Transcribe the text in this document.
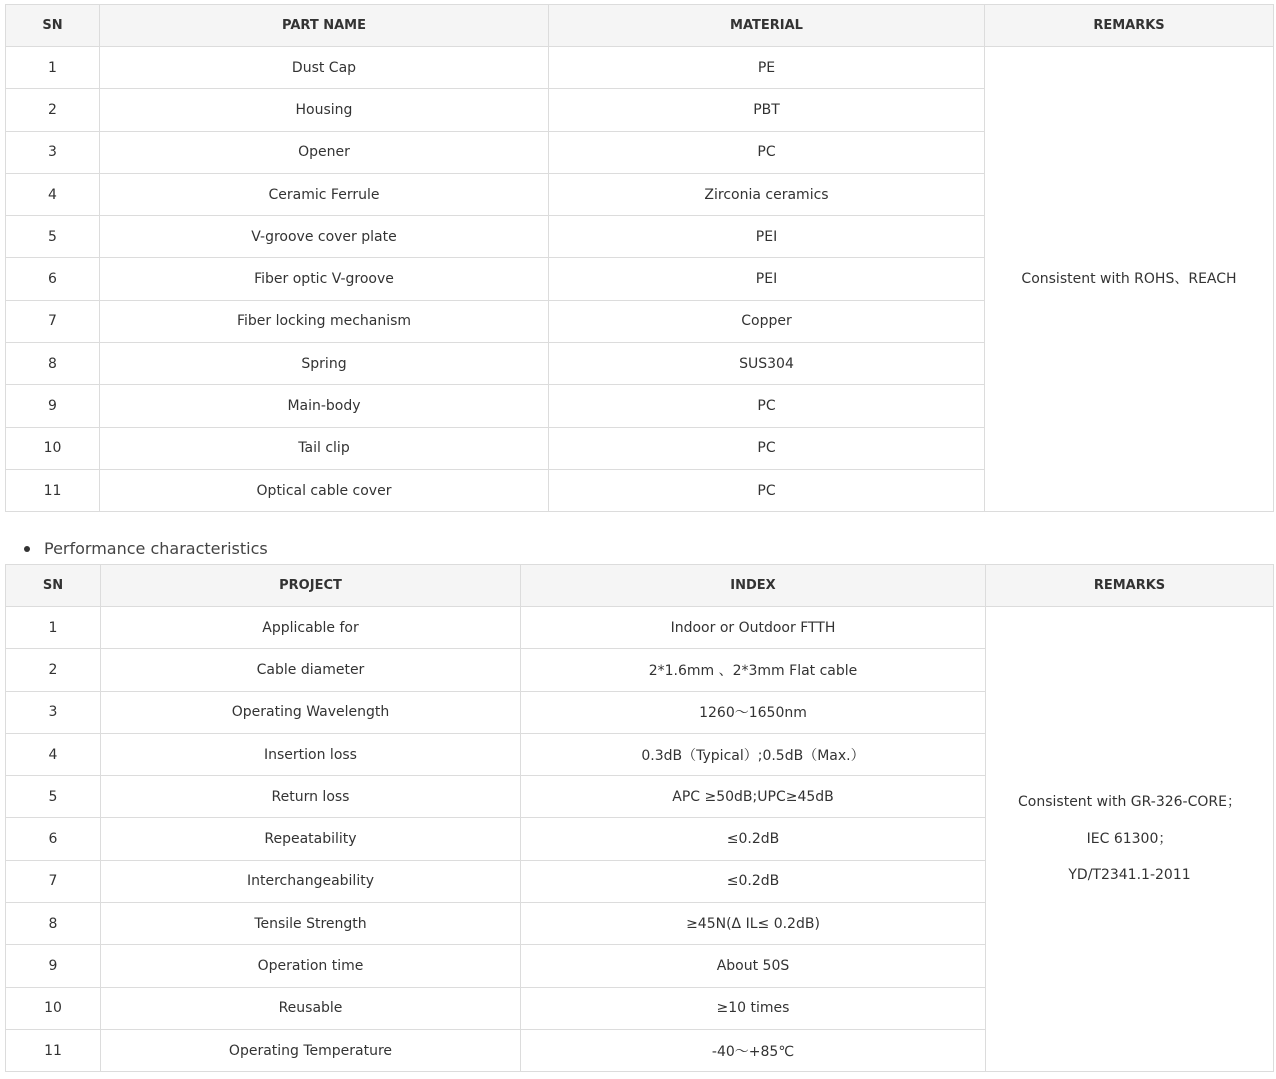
SN	PART NAME	MATERIAL	REMARKS
1	Dust Cap	PE	Consistent with ROHS、REACH
2	Housing	PBT	
3	Opener	PC	
4	Ceramic Ferrule	Zirconia ceramics	
5	V-groove cover plate	PEI	
6	Fiber optic V-groove	PEI	
7	Fiber locking mechanism	Copper	
8	Spring	SUS304	
9	Main-body	PC	
10	Tail clip	PC	
11	Optical cable cover	PC	
Performance characteristics
SN	PROJECT	INDEX	REMARKS
1	Applicable for	Indoor or Outdoor FTTH	Consistent with GR-326-CORE；
IEC 61300；
YD/T2341.1-2011
2	Cable diameter	2*1.6mm 、2*3mm Flat cable	
3	Operating Wavelength	1260～1650nm	
4	Insertion loss	0.3dB（Typical）;0.5dB（Max.）	
5	Return loss	APC ≥50dB;UPC≥45dB	
6	Repeatability	≤0.2dB	
7	Interchangeability	≤0.2dB	
8	Tensile Strength	≥45N(Δ IL≤ 0.2dB)	
9	Operation time	About 50S	
10	Reusable	≥10 times	
11	Operating Temperature	-40～+85℃	
